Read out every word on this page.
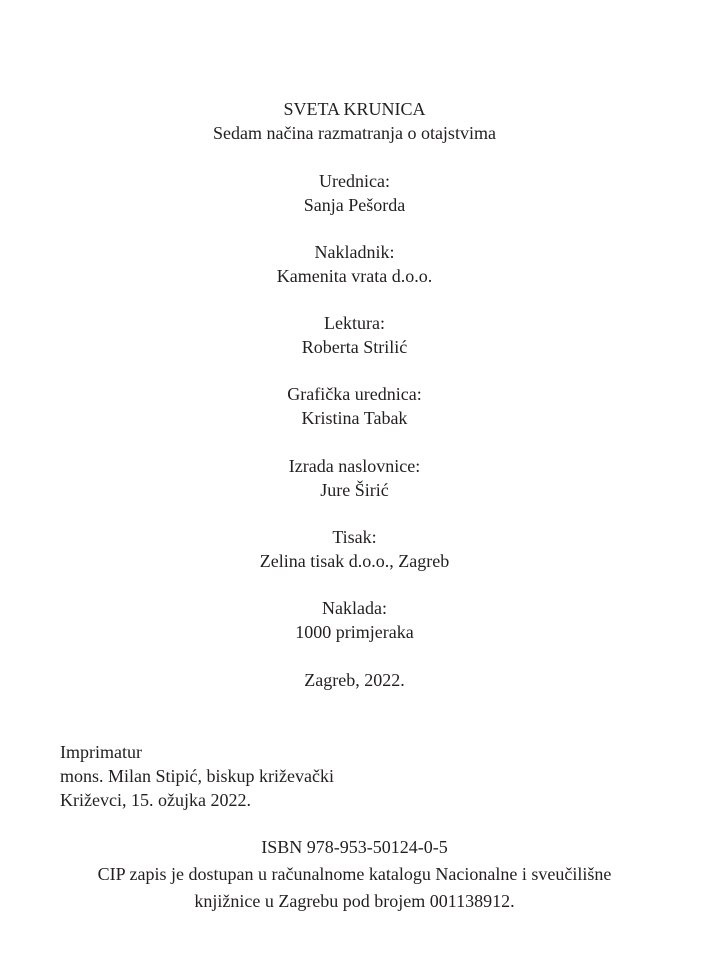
SVETA KRUNICA
Sedam načina razmatranja o otajstvima
Urednica:
Sanja Pešorda
Nakladnik:
Kamenita vrata d.o.o.
Lektura:
Roberta Strilić
Grafička urednica:
Kristina Tabak
Izrada naslovnice:
Jure Širić
Tisak:
Zelina tisak d.o.o., Zagreb
Naklada:
1000 primjeraka
Zagreb, 2022.
Imprimatur
mons. Milan Stipić, biskup križevački
Križevci, 15. ožujka 2022.
ISBN 978-953-50124-0-5
CIP zapis je dostupan u računalnome katalogu Nacionalne i sveučilišne
knjižnice u Zagrebu pod brojem 001138912.
